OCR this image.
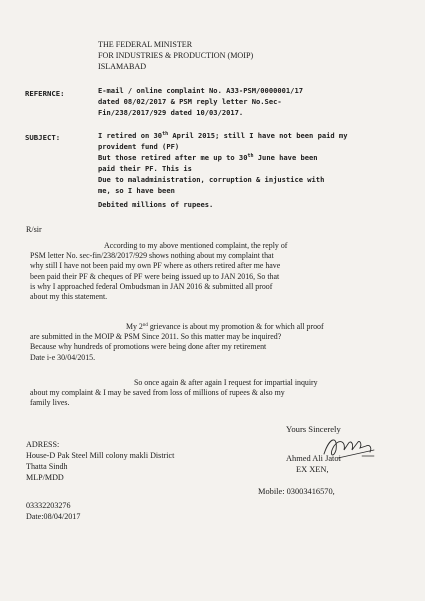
THE FEDERAL MINISTER
FOR INDUSTRIES & PRODUCTION (MOIP)
ISLAMABAD
REFERNCE:	E-mail / online complaint No. A33-PSM/0000001/17
dated 08/02/2017 & PSM reply letter No.Sec-
Fin/238/2017/929 dated 10/03/2017.
SUBJECT:	I retired on 30th April 2015; still I have not been paid my
provident fund (PF)
But those retired after me up to 30th June have been
paid their PF. This is
Due to maladministration, corruption & injustice with
me, so I have been
Debited millions of rupees.
R/sir
According to my above mentioned complaint, the reply of
PSM letter No. sec-fin/238/2017/929 shows nothing about my complaint that
why still I have not been paid my own PF where as others retired after me have
been paid their PF & cheques of PF were being issued up to JAN 2016, So that
is why I approached federal Ombudsman in JAN 2016 & submitted all proof
about my this statement.
My 2nd grievance is about my promotion & for which all proof
are submitted in the MOIP & PSM Since 2011. So this matter may be inquired?
Because why hundreds of promotions were being done after my retirement
Date i-e 30/04/2015.
So once again & after again I request for impartial inquiry
about my complaint & I may be saved from loss of millions of rupees & also my
family lives.
Yours Sincerely
Ahmed Ali Jatoi
EX XEN,
Mobile: 03003416570,
ADRESS:
House-D Pak Steel Mill colony makli District
Thatta Sindh
MLP/MDD
03332203276
Date:08/04/2017
